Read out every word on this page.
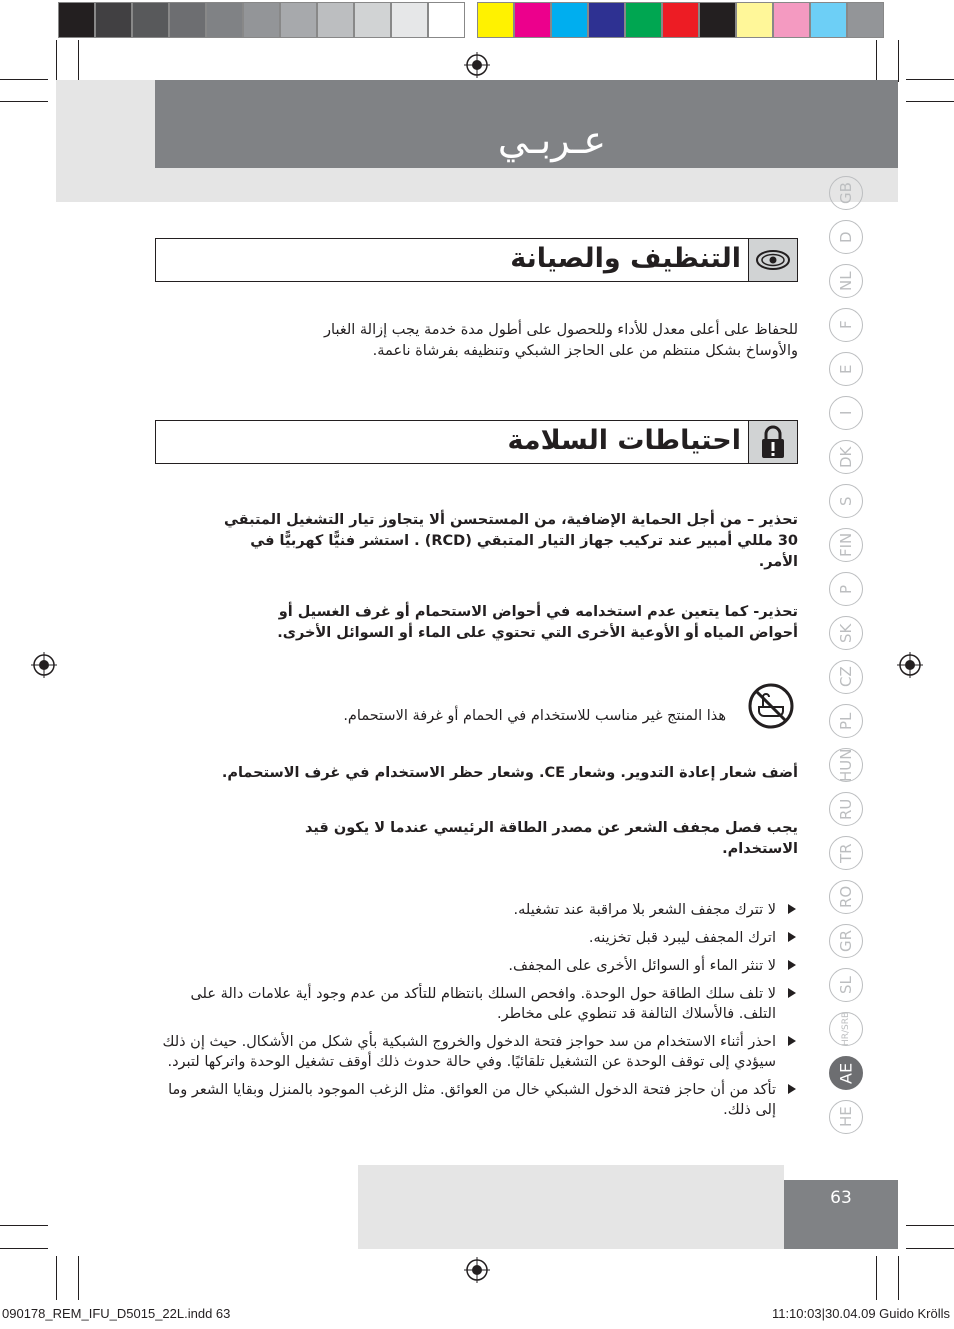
عـربـي
GB
D
NL
F
E
I
DK
S
FIN
P
SK
CZ
PL
HUN
RU
TR
RO
GR
SL
HR/SRB
AE
HE
التنظيف والصيانة
للحفاظ على أعلى معدل للأداء وللحصول على أطول مدة خدمة يجب إزالة الغبار
والأوساخ بشكل منتظم من على الحاجز الشبكي وتنظيفه بفرشاة ناعمة.
احتياطات السلامة
تحذير – من أجل الحماية الإضافية، من المستحسن ألا يتجاوز تيار التشغيل المتبقي
30 مللي أمبير عند تركيب جهاز التيار المتبقي (RCD) . استشر فنيًّا كهربيًّا في
الأمر.
تحذير- كما يتعين عدم استخدامه في أحواض الاستحمام أو غرف الغسيل أو
أحواض المياه أو الأوعية الأخرى التي تحتوي على الماء أو السوائل الأخرى.
هذا المنتج غير مناسب للاستخدام في الحمام أو غرفة الاستحمام.
أضف شعار إعادة التدوير. وشعار CE. وشعار حظر الاستخدام في غرف الاستحمام.
يجب فصل مجفف الشعر عن مصدر الطاقة الرئيسي عندما لا يكون قيد
الاستخدام.
لا تترك مجفف الشعر بلا مراقبة عند تشغيله.
اترك المجفف ليبرد قبل تخزينه.
لا تنثر الماء أو السوائل الأخرى على المجفف.
لا تلف سلك الطاقة حول الوحدة. وافحص السلك بانتظام للتأكد من عدم وجود أية علامات دالة على التلف. فالأسلاك التالفة قد تنطوي على مخاطر.
احذر أثناء الاستخدام من سد حواجز فتحة الدخول والخروج الشبكية بأي شكل من الأشكال. حيث إن ذلك سيؤدي إلى توقف الوحدة عن التشغيل تلقائيًا. وفي حالة حدوث ذلك أوقف تشغيل الوحدة واتركها لتبرد.
تأكد من أن حاجز فتحة الدخول الشبكي خال من العوائق. مثل الزغب الموجود بالمنزل وبقايا الشعر وما إلى ذلك.
63
090178_REM_IFU_D5015_22L.indd 63	11:10:03|30.04.09 Guido Krölls
